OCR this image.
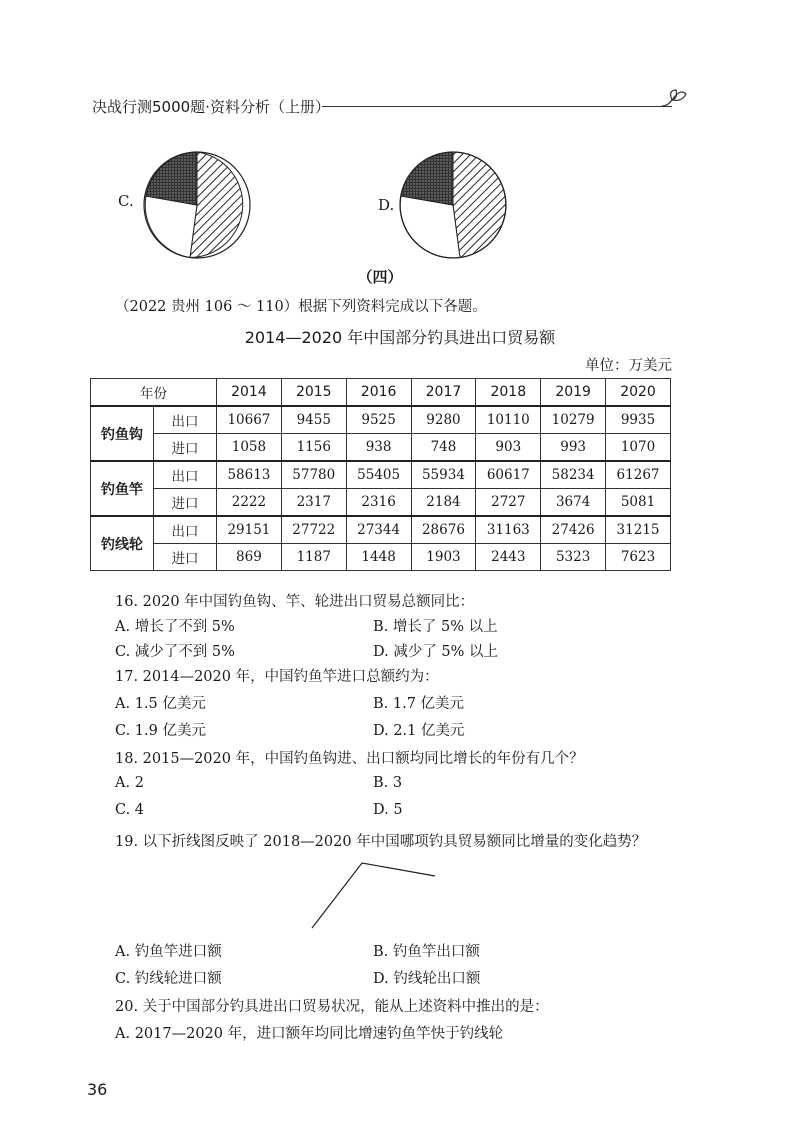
决战行测5000题·资料分析（上册）
C.	D.
（四）
（2022 贵州 106 ～ 110）根据下列资料完成以下各题。
2014—2020 年中国部分钓具进出口贸易额
单位：万美元
年份		2014	2015	2016	2017	2018	2019	2020
钓鱼钩	出口	10667	9455	9525	9280	10110	10279	9935
	进口	1058	1156	938	748	903	993	1070
钓鱼竿	出口	58613	57780	55405	55934	60617	58234	61267
	进口	2222	2317	2316	2184	2727	3674	5081
钓线轮	出口	29151	27722	27344	28676	31163	27426	31215
	进口	869	1187	1448	1903	2443	5323	7623
16. 2020 年中国钓鱼钩、竿、轮进出口贸易总额同比：
A. 增长了不到 5%	B. 增长了 5% 以上
C. 减少了不到 5%	D. 减少了 5% 以上
17. 2014—2020 年，中国钓鱼竿进口总额约为：
A. 1.5 亿美元	B. 1.7 亿美元
C. 1.9 亿美元	D. 2.1 亿美元
18. 2015—2020 年，中国钓鱼钩进、出口额均同比增长的年份有几个？
A. 2	B. 3
C. 4	D. 5
19. 以下折线图反映了 2018—2020 年中国哪项钓具贸易额同比增量的变化趋势？
A. 钓鱼竿进口额	B. 钓鱼竿出口额
C. 钓线轮进口额	D. 钓线轮出口额
20. 关于中国部分钓具进出口贸易状况，能从上述资料中推出的是：
A. 2017—2020 年，进口额年均同比增速钓鱼竿快于钓线轮
36
